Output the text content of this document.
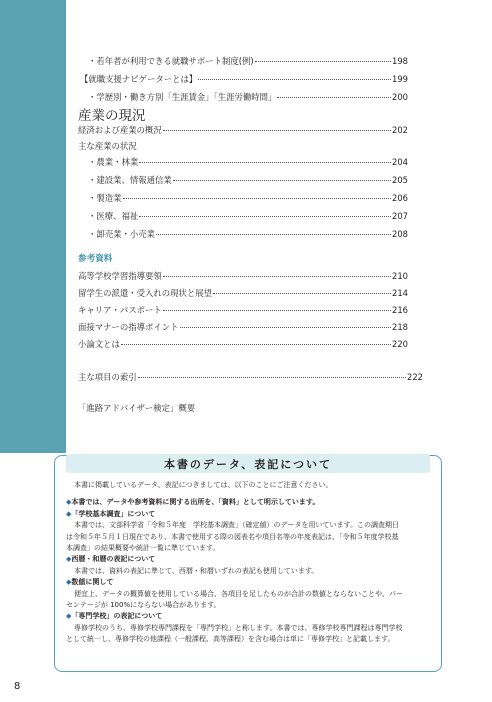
・若年者が利用できる就職サポート制度(例)	198
【就職支援ナビゲーターとは】	199
・学歴別・働き方別「生涯賃金」「生涯労働時間」	200
6 産業の現況
経済および産業の概況	202
主な産業の状況
・農業・林業	204
・建設業、情報通信業	205
・製造業	206
・医療、福祉	207
・卸売業・小売業	208
参考資料
高等学校学習指導要領	210
留学生の派遣・受入れの現状と展望	214
キャリア・パスポート	216
面接マナーの指導ポイント	218
小論文とは	220
主な項目の索引	222
「進路アドバイザー検定」概要
本書のデータ、表記について

本書に掲載しているデータ、表記につきましては、以下のことにご注意ください。

◆本書では、データや参考資料に関する出所を、「資料」として明示しています。

◆「学校基本調査」について

本書では、文部科学省「令和５年度　学校基本調査」（確定値）のデータを用いています。この調査期日

は令和５年５月１日現在であり、本書で使用する際の図表名や項目名等の年度表記は、「令和５年度学校基

本調査」の結果概要や統計一覧に準じています。

◆西暦・和暦の表記について

本書では、資料の表記に準じて、西暦・和暦いずれの表記も使用しています。

◆数値に関して

便宜上、データの概算値を使用している場合、各項目を足したものが合計の数値とならないことや、パー

センテージが 100%にならない場合があります。

◆「専門学校」の表記について

専修学校のうち、専修学校専門課程を「専門学校」と称します。本書では、専修学校専門課程は専門学校

として統一し、専修学校の他課程（一般課程、高等課程）を含む場合は単に「専修学校」と記載します。

8
